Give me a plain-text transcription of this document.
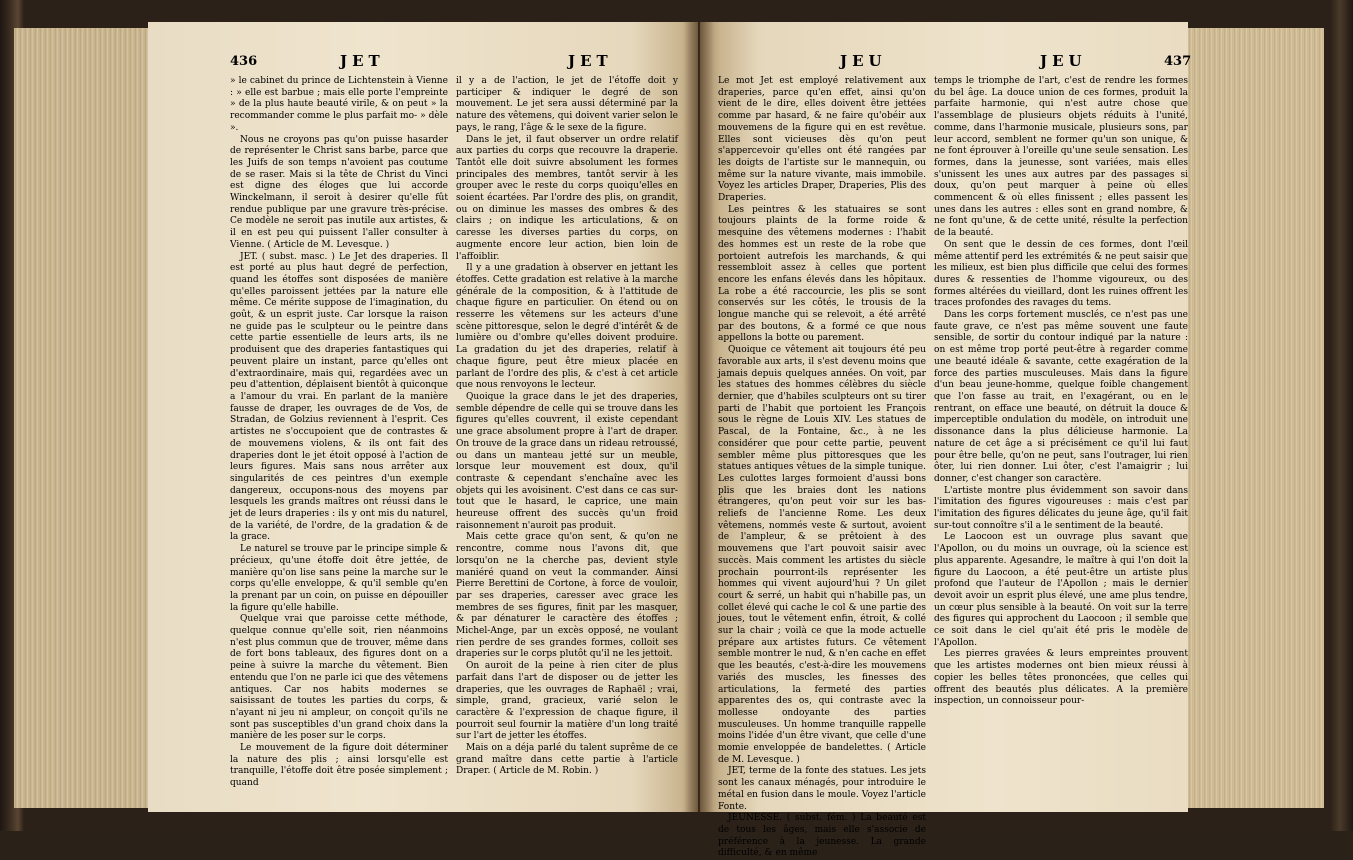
436	JET	JET	JEU	JEU	437

» le cabinet du prince de Lichtenstein à Vienne : » elle est barbue ; mais elle porte l'empreinte » de la plus haute beauté virile, & on peut » la recommander comme le plus parfait mo- » dèle ».

Nous ne croyons pas qu'on puisse hasarder de représenter le Christ sans barbe, parce que les Juifs de son temps n'avoient pas coutume de se raser. Mais si la tête de Christ du Vinci est digne des éloges que lui accorde Winckelmann, il seroit à desirer qu'elle fût rendue publique par une gravure très-précise. Ce modèle ne seroit pas inutile aux artistes, & il en est peu qui puissent l'aller consulter à Vienne. ( Article de M. Levesque. )

JET. ( subst. masc. ) Le Jet des draperies. Il est porté au plus haut degré de perfection, quand les étoffes sont disposées de manière qu'elles paroissent jettées par la nature elle même. Ce mérite suppose de l'imagination, du goût, & un esprit juste. Car lorsque la raison ne guide pas le sculpteur ou le peintre dans cette partie essentielle de leurs arts, ils ne produisent que des draperies fantastiques qui peuvent plaire un instant, parce qu'elles ont d'extraordinaire, mais qui, regardées avec un peu d'attention, déplaisent bientôt à quiconque a l'amour du vrai. En parlant de la manière fausse de draper, les ouvrages de de Vos, de Stradan, de Golzius reviennent à l'esprit. Ces artistes ne s'occupoient que de contrastes & de mouvemens violens, & ils ont fait des draperies dont le jet étoit opposé à l'action de leurs figures. Mais sans nous arrêter aux singularités de ces peintres d'un exemple dangereux, occupons-nous des moyens par lesquels les grands maîtres ont réussi dans le jet de leurs draperies : ils y ont mis du naturel, de la variété, de l'ordre, de la gradation & de la grace.

Le naturel se trouve par le principe simple & précieux, qu'une étoffe doit être jettée, de manière qu'on lise sans peine la marche sur le corps qu'elle enveloppe, & qu'il semble qu'en la prenant par un coin, on puisse en dépouiller la figure qu'elle habille.

Quelque vrai que paroisse cette méthode, quelque connue qu'elle soit, rien néanmoins n'est plus commun que de trouver, même dans de fort bons tableaux, des figures dont on a peine à suivre la marche du vêtement. Bien entendu que l'on ne parle ici que des vêtemens antiques. Car nos habits modernes se saisissant de toutes les parties du corps, & n'ayant ni jeu ni ampleur, on conçoit qu'ils ne sont pas susceptibles d'un grand choix dans la manière de les poser sur le corps.

Le mouvement de la figure doit déterminer la nature des plis ; ainsi lorsqu'elle est tranquille, l'étoffe doit être posée simplement ; quand

il y a de l'action, le jet de l'étoffe doit y participer & indiquer le degré de son mouvement. Le jet sera aussi déterminé par la nature des vêtemens, qui doivent varier selon le pays, le rang, l'âge & le sexe de la figure.

Dans le jet, il faut observer un ordre relatif aux parties du corps que recouvre la draperie. Tantôt elle doit suivre absolument les formes principales des membres, tantôt servir à les grouper avec le reste du corps quoiqu'elles en soient écartées. Par l'ordre des plis, on grandit, ou on diminue les masses des ombres & des clairs ; on indique les articulations, & on caresse les diverses parties du corps, on augmente encore leur action, bien loin de l'affoiblir.

Il y a une gradation à observer en jettant les étoffes. Cette gradation est relative à la marche générale de la composition, & à l'attitude de chaque figure en particulier. On étend ou on resserre les vêtemens sur les acteurs d'une scène pittoresque, selon le degré d'intérêt & de lumière ou d'ombre qu'elles doivent produire. La gradation du jet des draperies, relatif à chaque figure, peut être mieux placée en parlant de l'ordre des plis, & c'est à cet article que nous renvoyons le lecteur.

Quoique la grace dans le jet des draperies, semble dépendre de celle qui se trouve dans les figures qu'elles couvrent, il existe cependant une grace absolument propre à l'art de draper. On trouve de la grace dans un rideau retroussé, ou dans un manteau jetté sur un meuble, lorsque leur mouvement est doux, qu'il contraste & cependant s'enchaîne avec les objets qui les avoisinent. C'est dans ce cas sur-tout que le hasard, le caprice, une main heureuse offrent des succès qu'un froid raisonnement n'auroit pas produit.

Mais cette grace qu'on sent, & qu'on ne rencontre, comme nous l'avons dit, que lorsqu'on ne la cherche pas, devient style maniéré quand on veut la commander. Ainsi Pierre Berettini de Cortone, à force de vouloir, par ses draperies, caresser avec grace les membres de ses figures, finit par les masquer, & par dénaturer le caractère des étoffes ; Michel-Ange, par un excès opposé, ne voulant rien perdre de ses grandes formes, colloit ses draperies sur le corps plutôt qu'il ne les jettoit.

On auroit de la peine à rien citer de plus parfait dans l'art de disposer ou de jetter les draperies, que les ouvrages de Raphaël ; vrai, simple, grand, gracieux, varié selon le caractère & l'expression de chaque figure, il pourroit seul fournir la matière d'un long traité sur l'art de jetter les étoffes.

Mais on a déja parlé du talent suprême de ce grand maître dans cette partie à l'article Draper. ( Article de M. Robin. )

Le mot Jet est employé relativement aux draperies, parce qu'en effet, ainsi qu'on vient de le dire, elles doivent être jettées comme par hasard, & ne faire qu'obéir aux mouvemens de la figure qui en est revêtue. Elles sont vicieuses dès qu'on peut s'appercevoir qu'elles ont été rangées par les doigts de l'artiste sur le mannequin, ou même sur la nature vivante, mais immobile. Voyez les articles Draper, Draperies, Plis des Draperies.

Les peintres & les statuaires se sont toujours plaints de la forme roide & mesquine des vêtemens modernes : l'habit des hommes est un reste de la robe que portoient autrefois les marchands, & qui ressembloit assez à celles que portent encore les enfans élevés dans les hôpitaux. La robe a été raccourcie, les plis se sont conservés sur les côtés, le trousis de la longue manche qui se relevoit, a été arrêté par des boutons, & a formé ce que nous appellons la botte ou parement.

Quoique ce vêtement ait toujours été peu favorable aux arts, il s'est devenu moins que jamais depuis quelques années. On voit, par les statues des hommes célèbres du siècle dernier, que d'habiles sculpteurs ont su tirer parti de l'habit que portoient les François sous le règne de Louis XIV. Les statues de Pascal, de la Fontaine, &c., à ne les considérer que pour cette partie, peuvent sembler même plus pittoresques que les statues antiques vêtues de la simple tunique. Les culottes larges formoient d'aussi bons plis que les braies dont les nations étrangeres, qu'on peut voir sur les bas-reliefs de l'ancienne Rome. Les deux vêtemens, nommés veste & surtout, avoient de l'ampleur, & se prêtoient à des mouvemens que l'art pouvoit saisir avec succès. Mais comment les artistes du siècle prochain pourront-ils représenter les hommes qui vivent aujourd'hui ? Un gilet court & serré, un habit qui n'habille pas, un collet élevé qui cache le col & une partie des joues, tout le vêtement enfin, étroit, & collé sur la chair ; voilà ce que la mode actuelle prépare aux artistes futurs. Ce vêtement semble montrer le nud, & n'en cache en effet que les beautés, c'est-à-dire les mouvemens variés des muscles, les finesses des articulations, la fermeté des parties apparentes des os, qui contraste avec la mollesse ondoyante des parties musculeuses. Un homme tranquille rappelle moins l'idée d'un être vivant, que celle d'une momie enveloppée de bandelettes. ( Article de M. Levesque. )

JET, terme de la fonte des statues. Les jets sont les canaux ménagés, pour introduire le métal en fusion dans le moule. Voyez l'article Fonte.

JEUNESSE. ( subst. fém. ) La beauté est de tous les âges, mais elle s'associe de préférence à la jeunesse. La grande difficulté, & en même

temps le triomphe de l'art, c'est de rendre les formes du bel âge. La douce union de ces formes, produit la parfaite harmonie, qui n'est autre chose que l'assemblage de plusieurs objets réduits à l'unité, comme, dans l'harmonie musicale, plusieurs sons, par leur accord, semblent ne former qu'un son unique, & ne font éprouver à l'oreille qu'une seule sensation. Les formes, dans la jeunesse, sont variées, mais elles s'unissent les unes aux autres par des passages si doux, qu'on peut marquer à peine où elles commencent & où elles finissent ; elles passent les unes dans les autres : elles sont en grand nombre, & ne font qu'une, & de cette unité, résulte la perfection de la beauté.

On sent que le dessin de ces formes, dont l'œil même attentif perd les extrémités & ne peut saisir que les milieux, est bien plus difficile que celui des formes dures & ressenties de l'homme vigoureux, ou des formes altérées du vieillard, dont les ruines offrent les traces profondes des ravages du tems.

Dans les corps fortement musclés, ce n'est pas une faute grave, ce n'est pas même souvent une faute sensible, de sortir du contour indiqué par la nature : on est même trop porté peut-être à regarder comme une beauté idéale & savante, cette exagération de la force des parties musculeuses. Mais dans la figure d'un beau jeune-homme, quelque foible changement que l'on fasse au trait, en l'exagérant, ou en le rentrant, on efface une beauté, on détruit la douce & imperceptible ondulation du modèle, on introduit une dissonance dans la plus délicieuse harmonie. La nature de cet âge a si précisément ce qu'il lui faut pour être belle, qu'on ne peut, sans l'outrager, lui rien ôter, lui rien donner. Lui ôter, c'est l'amaigrir ; lui donner, c'est changer son caractère.

L'artiste montre plus évidemment son savoir dans l'imitation des figures vigoureuses : mais c'est par l'imitation des figures délicates du jeune âge, qu'il fait sur-tout connoître s'il a le sentiment de la beauté.

Le Laocoon est un ouvrage plus savant que l'Apollon, ou du moins un ouvrage, où la science est plus apparente. Agesandre, le maître à qui l'on doit la figure du Laocoon, a été peut-être un artiste plus profond que l'auteur de l'Apollon ; mais le dernier devoit avoir un esprit plus élevé, une ame plus tendre, un cœur plus sensible à la beauté. On voit sur la terre des figures qui approchent du Laocoon ; il semble que ce soit dans le ciel qu'ait été pris le modèle de l'Apollon.

Les pierres gravées & leurs empreintes prouvent que les artistes modernes ont bien mieux réussi à copier les belles têtes prononcées, que celles qui offrent des beautés plus délicates. A la première inspection, un connoisseur pour-
